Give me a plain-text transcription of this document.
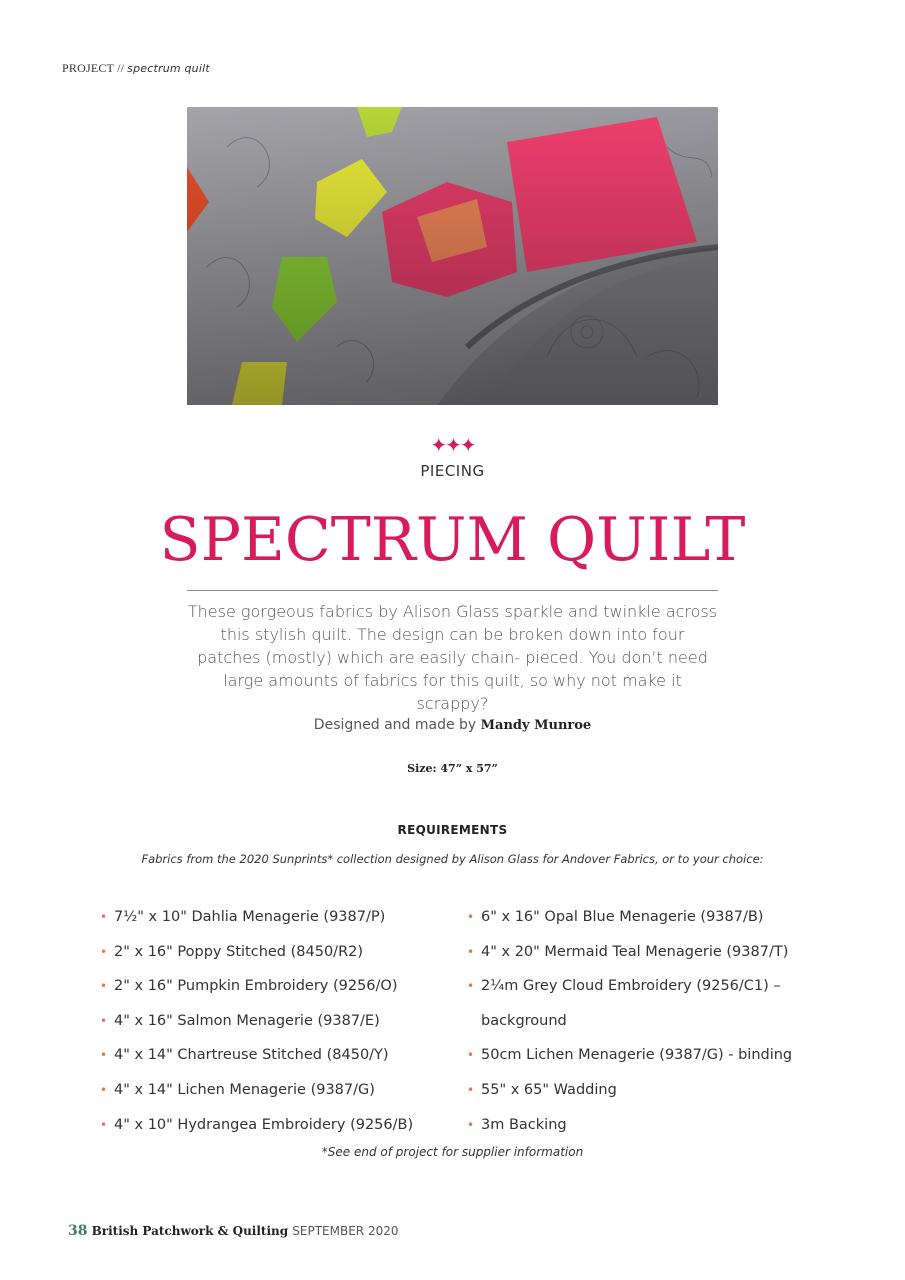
PROJECT // spectrum quilt
✦✦✦
PIECING
SPECTRUM QUILT
These gorgeous fabrics by Alison Glass sparkle and twinkle across this stylish quilt. The design can be broken down into four patches (mostly) which are easily chain- pieced. You don’t need large amounts of fabrics for this quilt, so why not make it scrappy?
Designed and made by Mandy Munroe
Size: 47” x 57”
REQUIREMENTS
Fabrics from the 2020 Sunprints* collection designed by Alison Glass for Andover Fabrics, or to your choice:
• 7½" x 10" Dahlia Menagerie (9387/P)
• 2" x 16" Poppy Stitched (8450/R2)
• 2" x 16" Pumpkin Embroidery (9256/O)
• 4" x 16" Salmon Menagerie (9387/E)
• 4" x 14" Chartreuse Stitched (8450/Y)
• 4" x 14" Lichen Menagerie (9387/G)
• 4" x 10" Hydrangea Embroidery (9256/B)
• 6" x 16" Opal Blue Menagerie (9387/B)
• 4" x 20" Mermaid Teal Menagerie (9387/T)
• 2¼m Grey Cloud Embroidery (9256/C1) –
background
• 50cm Lichen Menagerie (9387/G) - binding
• 55" x 65" Wadding
• 3m Backing
*See end of project for supplier information
38 British Patchwork & Quilting SEPTEMBER 2020
